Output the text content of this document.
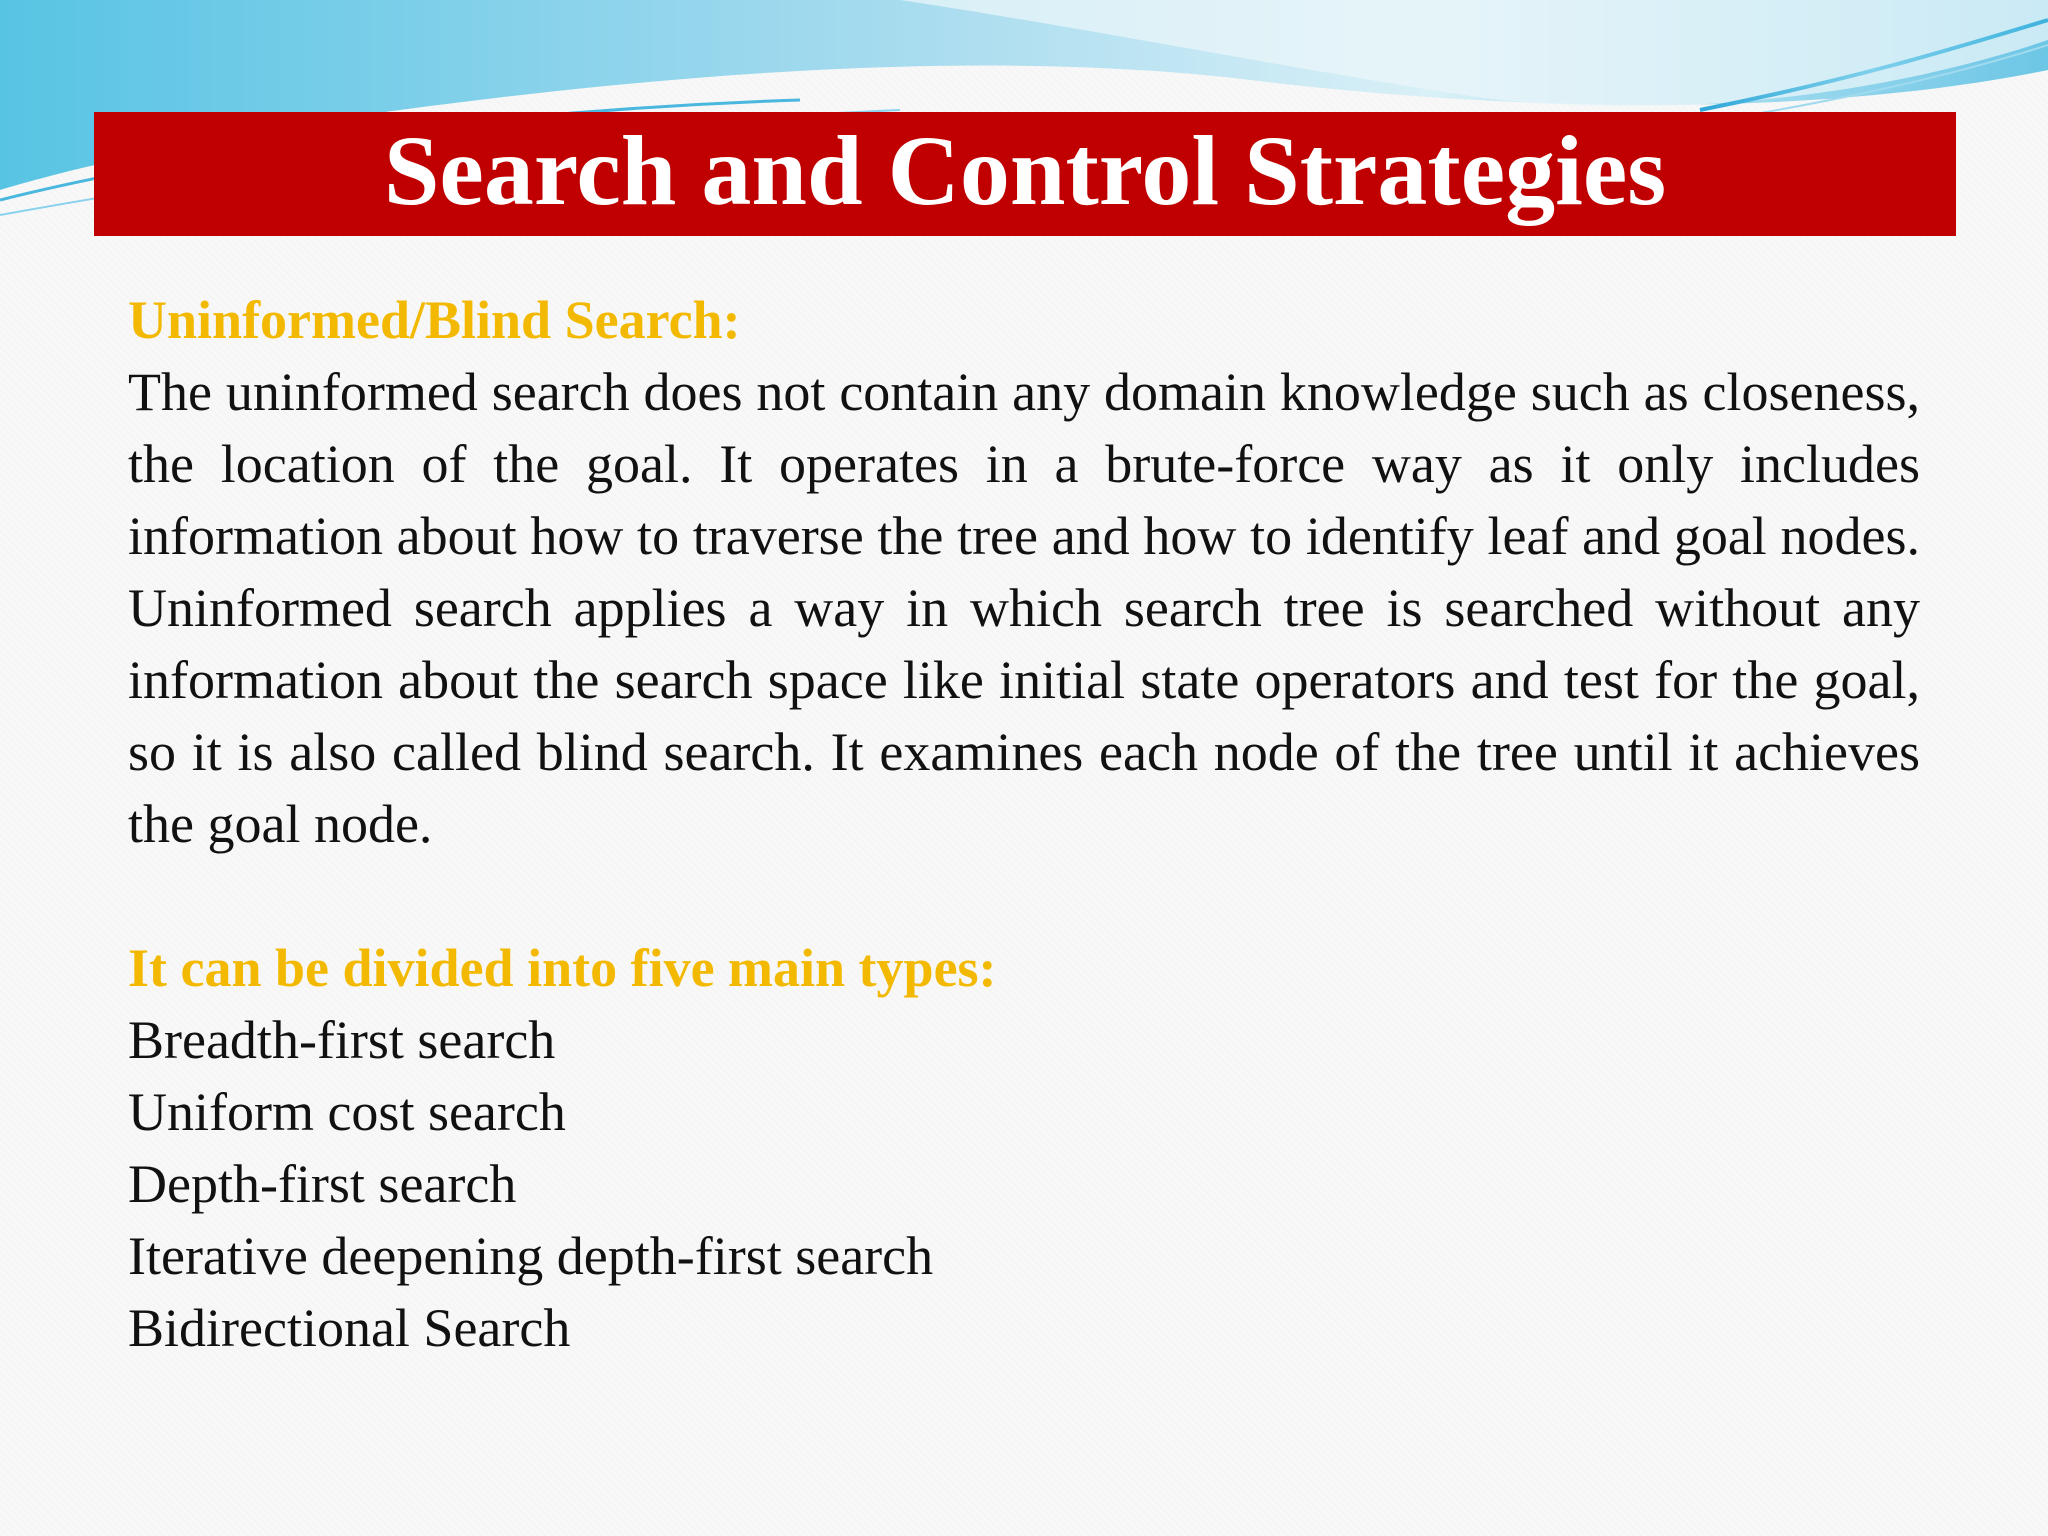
Search and Control Strategies

Uninformed/Blind Search:

The uninformed search does not contain any domain knowledge such as closeness, the location of the goal. It operates in a brute-force way as it only includes information about how to traverse the tree and how to identify leaf and goal nodes. Uninformed search applies a way in which search tree is searched without any information about the search space like initial state operators and test for the goal, so it is also called blind search. It examines each node of the tree until it achieves the goal node.

It can be divided into five main types:

Breadth-first search
Uniform cost search
Depth-first search
Iterative deepening depth-first search
Bidirectional Search
